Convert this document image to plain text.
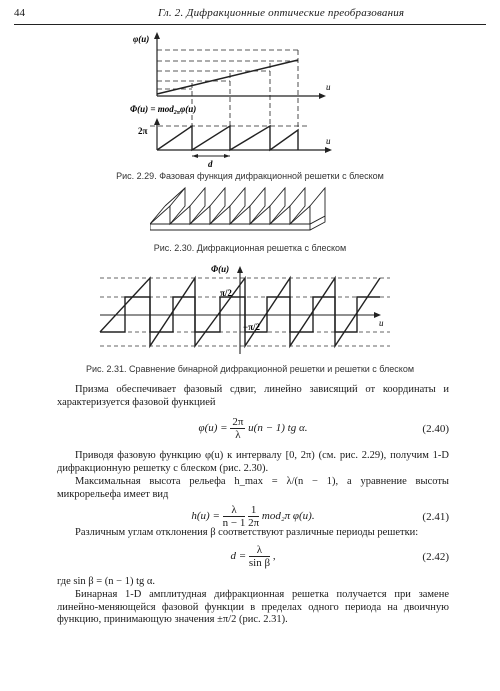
44	Гл. 2. Дифракционные оптические преобразования
φ(u)
u
Φ(u) = mod$_{2\pi}$φ(u)
2π
u
d
Рис. 2.29. Фазовая функция дифракционной решетки с блеском
Рис. 2.30. Дифракционная решетка с блеском
Φ(u)
π/2
−π/2	u
Рис. 2.31. Сравнение бинарной дифракционной решетки и решетки с блеском

Призма обеспечивает фазовый сдвиг, линейно зависящий от координаты и характеризуется фазовой функцией

$\varphi(u) = \frac{2\pi}{\lambda} u(n - 1)$ tg α.	(2.40)

Приводя фазовую функцию φ(u) к интервалу [0, 2π) (см. рис. 2.29), получим 1-D дифракционную решетку с блеском (рис. 2.30).

Максимальная высота рельефа h_max = λ/(n − 1), а уравнение высоты микрорельефа имеет вид

$h(u) = \frac{\lambda}{n - 1}$
$\frac{1}{2\pi} mod_2\pi$ φ(u).	(2.41)

Различным углам отклонения β соответствуют различные периоды решетки:

$d = \frac{\lambda}{\text{sin β}}$ ,	(2.42)

где sin β = (n − 1) tg α.

Бинарная 1-D амплитудная дифракционная решетка получается при замене линейно-меняющейся фазовой функции в пределах одного периода на двоичную функцию, принимающую значения ±π/2 (рис. 2.31).
